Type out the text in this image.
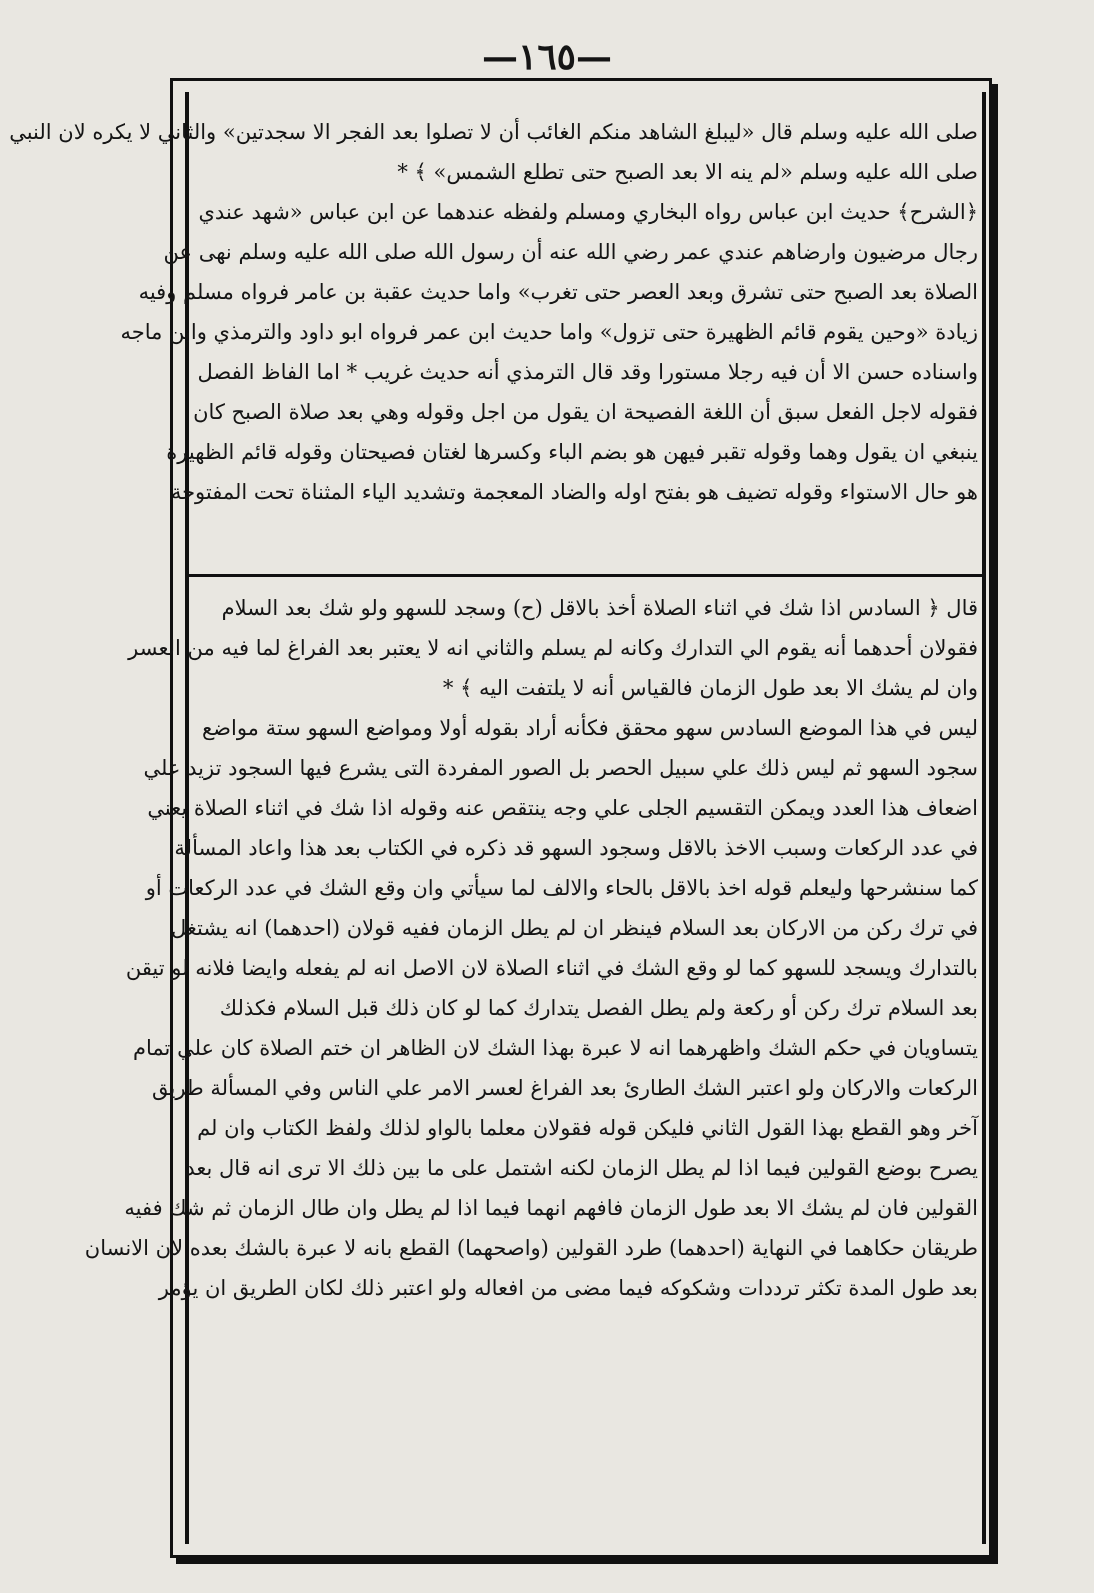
—١٦٥—
صلى الله عليه وسلم قال «ليبلغ الشاهد منكم الغائب أن لا تصلوا بعد الفجر الا سجدتين» والثاني لا يكره لان النبي
صلى الله عليه وسلم «لم ينه الا بعد الصبح حتى تطلع الشمس» ﴾ *
﴿الشرح﴾ حديث ابن عباس رواه البخاري ومسلم ولفظه عندهما عن ابن عباس «شهد عندي
رجال مرضيون وارضاهم عندي عمر رضي الله عنه أن رسول الله صلى الله عليه وسلم نهى عن
الصلاة بعد الصبح حتى تشرق وبعد العصر حتى تغرب» واما حديث عقبة بن عامر فرواه مسلم وفيه
زيادة «وحين يقوم قائم الظهيرة حتى تزول» واما حديث ابن عمر فرواه ابو داود والترمذي وابن ماجه
واسناده حسن الا أن فيه رجلا مستورا وقد قال الترمذي أنه حديث غريب * اما الفاظ الفصل
فقوله لاجل الفعل سبق أن اللغة الفصيحة ان يقول من اجل وقوله وهي بعد صلاة الصبح كان
ينبغي ان يقول وهما وقوله تقبر فيهن هو بضم الباء وكسرها لغتان فصيحتان وقوله قائم الظهيرة
هو حال الاستواء وقوله تضيف هو بفتح اوله والضاد المعجمة وتشديد الياء المثناة تحت المفتوحة
قال ﴿ السادس اذا شك في اثناء الصلاة أخذ بالاقل (ح) وسجد للسهو ولو شك بعد السلام
فقولان أحدهما أنه يقوم الي التدارك وكانه لم يسلم والثاني انه لا يعتبر بعد الفراغ لما فيه من العسر
وان لم يشك الا بعد طول الزمان فالقياس أنه لا يلتفت اليه ﴾ *
ليس في هذا الموضع السادس سهو محقق فكأنه أراد بقوله أولا ومواضع السهو ستة مواضع
سجود السهو ثم ليس ذلك علي سبيل الحصر بل الصور المفردة التى يشرع فيها السجود تزيد علي
اضعاف هذا العدد ويمكن التقسيم الجلى علي وجه ينتقص عنه وقوله اذا شك في اثناء الصلاة يعني
في عدد الركعات وسبب الاخذ بالاقل وسجود السهو قد ذكره في الكتاب بعد هذا واعاد المسألة
كما سنشرحها وليعلم قوله اخذ بالاقل بالحاء والالف لما سيأتي وان وقع الشك في عدد الركعات أو
في ترك ركن من الاركان بعد السلام فينظر ان لم يطل الزمان ففيه قولان (احدهما) انه يشتغل
بالتدارك ويسجد للسهو كما لو وقع الشك في اثناء الصلاة لان الاصل انه لم يفعله وايضا فلانه لو تيقن
بعد السلام ترك ركن أو ركعة ولم يطل الفصل يتدارك كما لو كان ذلك قبل السلام فكذلك
يتساويان في حكم الشك واظهرهما انه لا عبرة بهذا الشك لان الظاهر ان ختم الصلاة كان علي تمام
الركعات والاركان ولو اعتبر الشك الطارئ بعد الفراغ لعسر الامر علي الناس وفي المسألة طريق
آخر وهو القطع بهذا القول الثاني فليكن قوله فقولان معلما بالواو لذلك ولفظ الكتاب وان لم
يصرح بوضع القولين فيما اذا لم يطل الزمان لكنه اشتمل على ما بين ذلك الا ترى انه قال بعد
القولين فان لم يشك الا بعد طول الزمان فافهم انهما فيما اذا لم يطل وان طال الزمان ثم شك ففيه
طريقان حكاهما في النهاية (احدهما) طرد القولين (واصحهما) القطع بانه لا عبرة بالشك بعده لان الانسان
بعد طول المدة تكثر ترددات وشكوكه فيما مضى من افعاله ولو اعتبر ذلك لكان الطريق ان يؤمر
